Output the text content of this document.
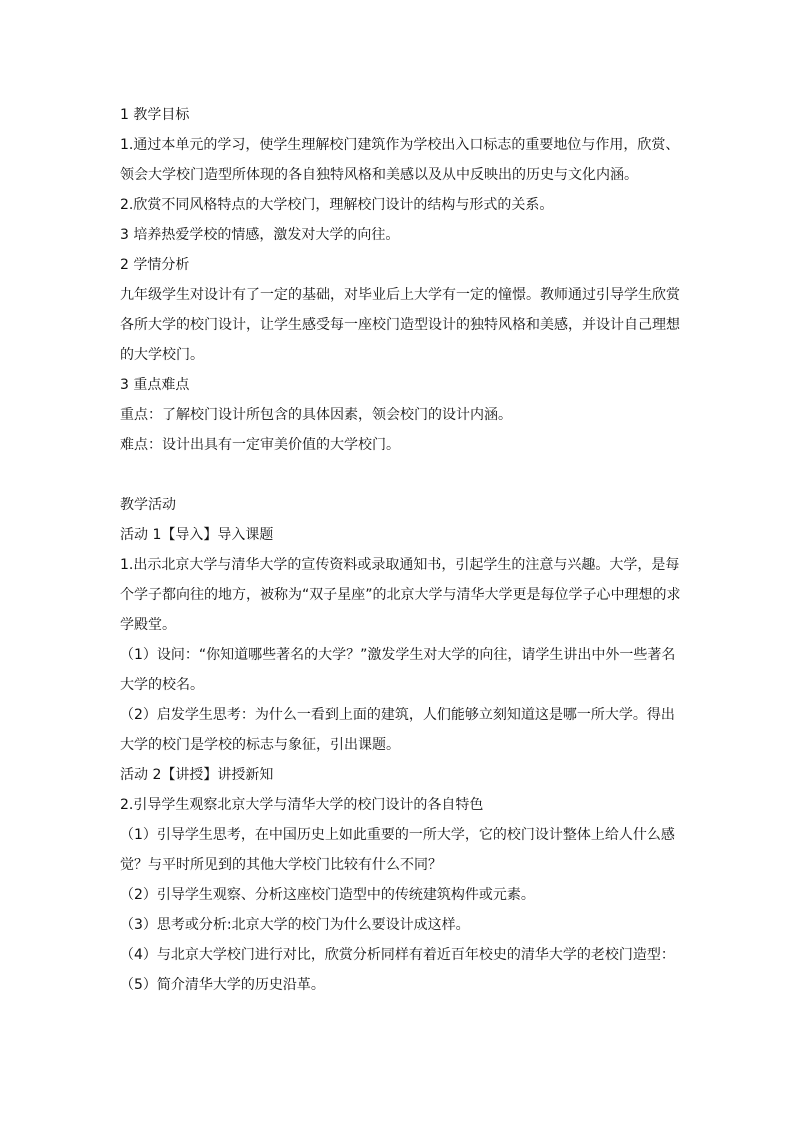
1 教学目标
1.通过本单元的学习，使学生理解校门建筑作为学校出入口标志的重要地位与作用，欣赏、
领会大学校门造型所体现的各自独特风格和美感以及从中反映出的历史与文化内涵。
2.欣赏不同风格特点的大学校门，理解校门设计的结构与形式的关系。
3 培养热爱学校的情感，激发对大学的向往。
2 学情分析
九年级学生对设计有了一定的基础，对毕业后上大学有一定的憧憬。教师通过引导学生欣赏
各所大学的校门设计，让学生感受每一座校门造型设计的独特风格和美感，并设计自己理想
的大学校门。
3 重点难点
重点：了解校门设计所包含的具体因素，领会校门的设计内涵。
难点：设计出具有一定审美价值的大学校门。
教学活动
活动 1【导入】导入课题
1.出示北京大学与清华大学的宣传资料或录取通知书，引起学生的注意与兴趣。大学，是每
个学子都向往的地方，被称为“双子星座”的北京大学与清华大学更是每位学子心中理想的求
学殿堂。
（1）设问：“你知道哪些著名的大学？”激发学生对大学的向往，请学生讲出中外一些著名
大学的校名。
（2）启发学生思考：为什么一看到上面的建筑，人们能够立刻知道这是哪一所大学。得出
大学的校门是学校的标志与象征，引出课题。
活动 2【讲授】讲授新知
2.引导学生观察北京大学与清华大学的校门设计的各自特色
（1）引导学生思考，在中国历史上如此重要的一所大学，它的校门设计整体上给人什么感
觉？与平时所见到的其他大学校门比较有什么不同？
（2）引导学生观察、分析这座校门造型中的传统建筑构件或元素。
（3）思考或分析:北京大学的校门为什么要设计成这样。
（4）与北京大学校门进行对比，欣赏分析同样有着近百年校史的清华大学的老校门造型：
（5）简介清华大学的历史沿革。
